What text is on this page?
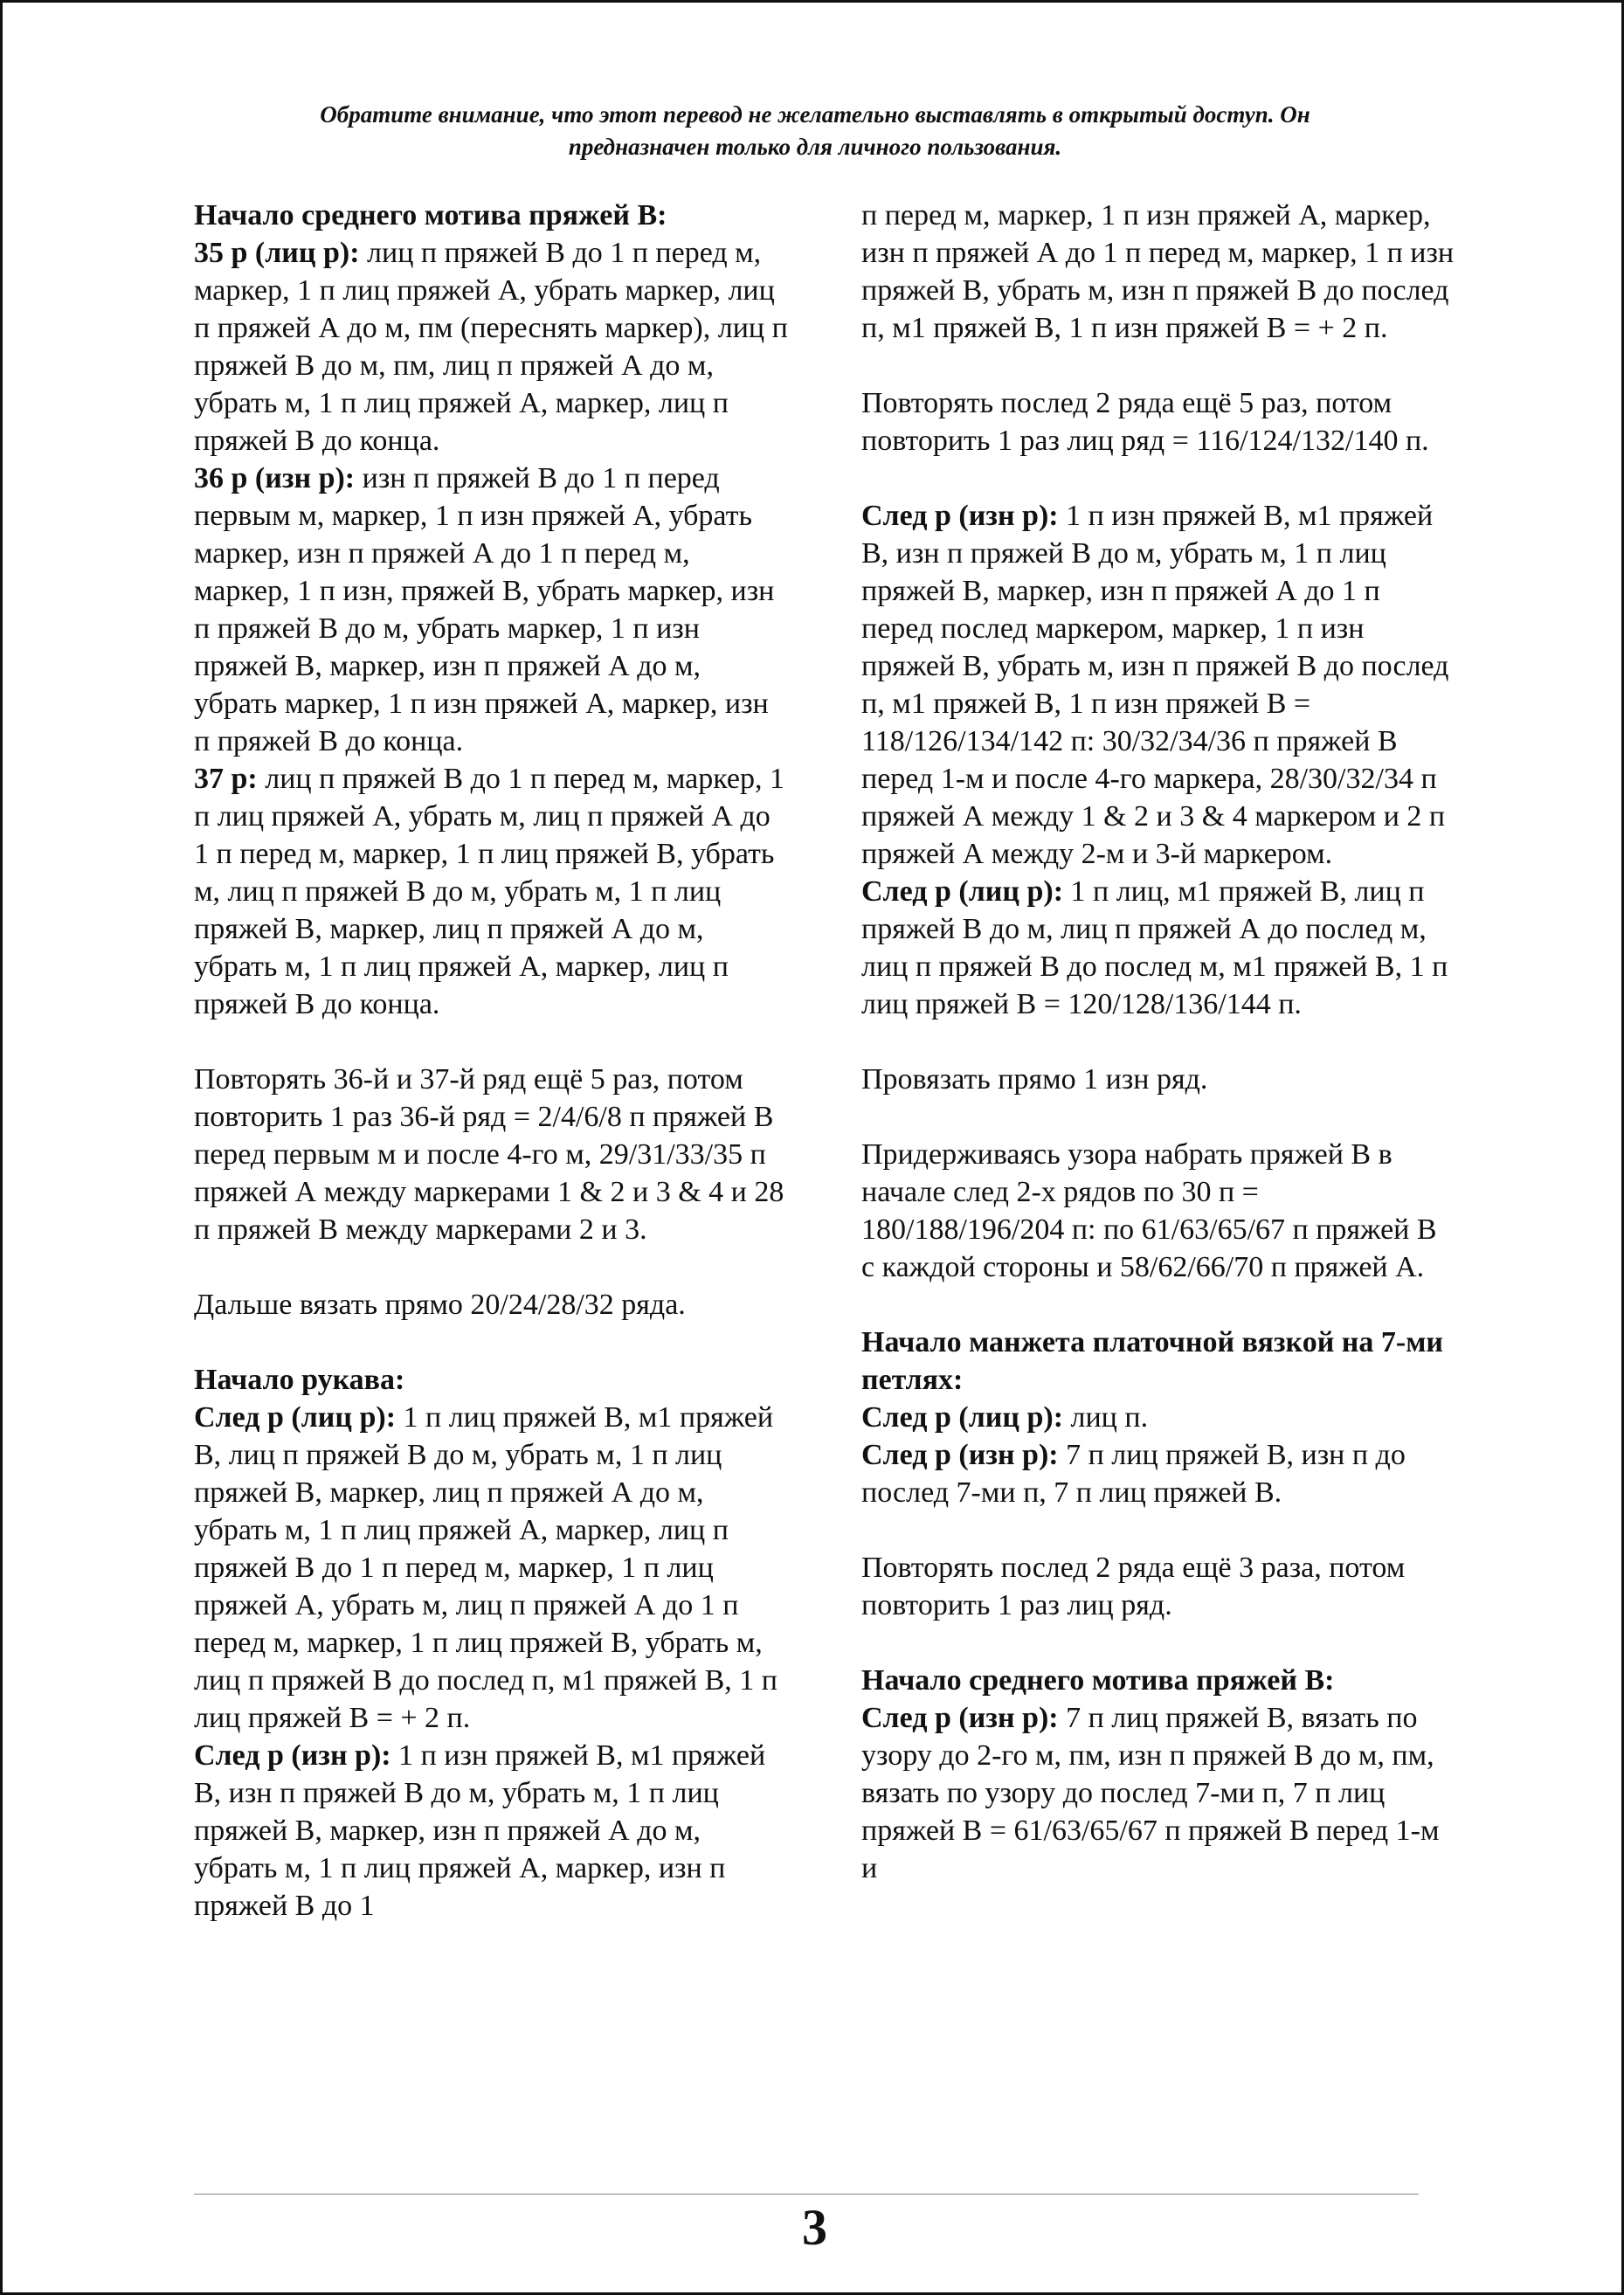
Обратите внимание, что этот перевод не желательно выставлять в открытый доступ. Он
предназначен только для личного пользования.

Начало среднего мотива пряжей В:

35 р (лиц р): лиц п пряжей В до 1 п перед м, маркер, 1 п лиц пряжей А, убрать маркер, лиц п пряжей А до м, пм (переснять маркер), лиц п пряжей В до м, пм, лиц п пряжей А до м, убрать м, 1 п лиц пряжей А, маркер, лиц п пряжей В до конца.

36 р (изн р): изн п пряжей В до 1 п перед первым м, маркер, 1 п изн пряжей А, убрать маркер, изн п пряжей А до 1 п перед м, маркер, 1 п изн, пряжей В, убрать маркер, изн п пряжей В до м, убрать маркер, 1 п изн пряжей В, маркер, изн п пряжей А до м, убрать маркер, 1 п изн пряжей А, маркер, изн п пряжей В до конца.

37 р: лиц п пряжей В до 1 п перед м, маркер, 1 п лиц пряжей А, убрать м, лиц п пряжей А до 1 п перед м, маркер, 1 п лиц пряжей В, убрать м, лиц п пряжей В до м, убрать м, 1 п лиц пряжей В, маркер, лиц п пряжей А до м, убрать м, 1 п лиц пряжей А, маркер, лиц п пряжей В до конца.

Повторять 36-й и 37-й ряд ещё 5 раз, потом повторить 1 раз 36-й ряд = 2/4/6/8 п пряжей В перед первым м и после 4-го м, 29/31/33/35 п пряжей А между маркерами 1 & 2 и 3 & 4 и 28 п пряжей В между маркерами 2 и 3.

Дальше вязать прямо 20/24/28/32 ряда.

Начало рукава:

След р (лиц р): 1 п лиц пряжей В, м1 пряжей В, лиц п пряжей В до м, убрать м, 1 п лиц пряжей В, маркер, лиц п пряжей А до м, убрать м, 1 п лиц пряжей А, маркер, лиц п пряжей В до 1 п перед м, маркер, 1 п лиц пряжей А, убрать м, лиц п пряжей А до 1 п перед м, маркер, 1 п лиц пряжей В, убрать м, лиц п пряжей В до послед п, м1 пряжей В, 1 п лиц пряжей В = + 2 п.

След р (изн р): 1 п изн пряжей В, м1 пряжей В, изн п пряжей В до м, убрать м, 1 п лиц пряжей В, маркер, изн п пряжей А до м, убрать м, 1 п лиц пряжей А, маркер, изн п пряжей В до 1

п перед м, маркер, 1 п изн пряжей А, маркер, изн п пряжей А до 1 п перед м, маркер, 1 п изн пряжей В, убрать м, изн п пряжей В до послед п, м1 пряжей В, 1 п изн пряжей В = + 2 п.

Повторять послед 2 ряда ещё 5 раз, потом повторить 1 раз лиц ряд = 116/124/132/140 п.

След р (изн р): 1 п изн пряжей В, м1 пряжей В, изн п пряжей В до м, убрать м, 1 п лиц пряжей В, маркер, изн п пряжей А до 1 п перед послед маркером, маркер, 1 п изн пряжей В, убрать м, изн п пряжей В до послед п, м1 пряжей В, 1 п изн пряжей В = 118/126/134/142 п: 30/32/34/36 п пряжей В перед 1-м и после 4-го маркера, 28/30/32/34 п пряжей А между 1 & 2 и 3 & 4 маркером и 2 п пряжей А между 2-м и 3-й маркером.

След р (лиц р): 1 п лиц, м1 пряжей В, лиц п пряжей В до м, лиц п пряжей А до послед м, лиц п пряжей В до послед м, м1 пряжей В, 1 п лиц пряжей В = 120/128/136/144 п.

Провязать прямо 1 изн ряд.

Придерживаясь узора набрать пряжей В в начале след 2-х рядов по 30 п = 180/188/196/204 п: по 61/63/65/67 п пряжей В с каждой стороны и 58/62/66/70 п пряжей А.

Начало манжета платочной вязкой на 7-ми петлях:

След р (лиц р): лиц п.

След р (изн р): 7 п лиц пряжей В, изн п до послед 7-ми п, 7 п лиц пряжей В.

Повторять послед 2 ряда ещё 3 раза, потом повторить 1 раз лиц ряд.

Начало среднего мотива пряжей В:

След р (изн р): 7 п лиц пряжей В, вязать по узору до 2-го м, пм, изн п пряжей В до м, пм, вязать по узору до послед 7-ми п, 7 п лиц пряжей В = 61/63/65/67 п пряжей В перед 1-м и

3
